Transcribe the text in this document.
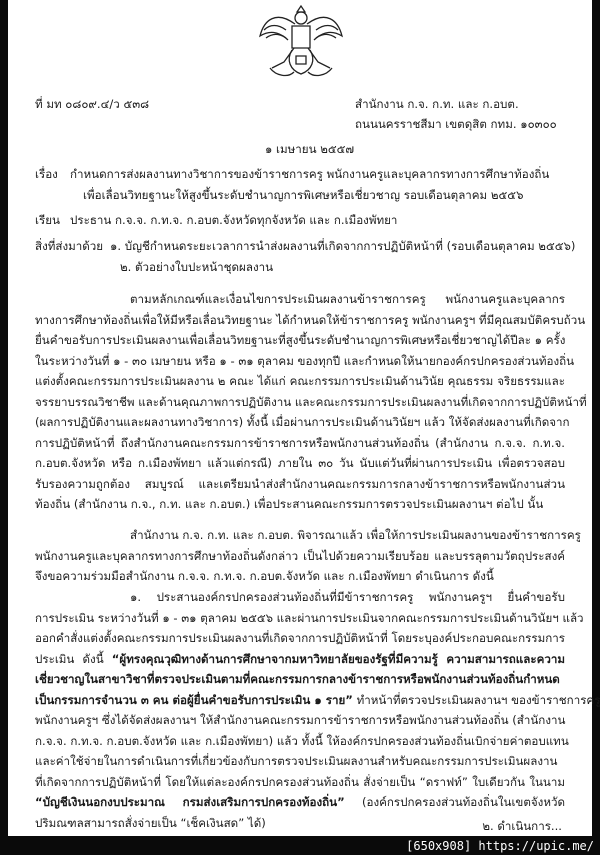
ที่ มท ๐๘๐๙.๔/ว ๕๓๘	สำนักงาน ก.จ. ก.ท. และ ก.อบต.
ถนนนครราชสีมา เขตดุสิต กทม. ๑๐๓๐๐
๑ เมษายน ๒๕๕๗
เรื่อง กำหนดการส่งผลงานทางวิชาการของข้าราชการครู พนักงานครูและบุคลากรทางการศึกษาท้องถิ่น
เพื่อเลื่อนวิทยฐานะให้สูงขึ้นระดับชำนาญการพิเศษหรือเชี่ยวชาญ รอบเดือนตุลาคม ๒๕๕๖
เรียน ประธาน ก.จ.จ. ก.ท.จ. ก.อบต.จังหวัดทุกจังหวัด และ ก.เมืองพัทยา
สิ่งที่ส่งมาด้วย ๑. บัญชีกำหนดระยะเวลาการนำส่งผลงานที่เกิดจากการปฏิบัติหน้าที่ (รอบเดือนตุลาคม ๒๕๕๖)
๒. ตัวอย่างใบปะหน้าชุดผลงาน
ตามหลักเกณฑ์และเงื่อนไขการประเมินผลงานข้าราชการครู พนักงานครูและบุคลากร
ทางการศึกษาท้องถิ่นเพื่อให้มีหรือเลื่อนวิทยฐานะ ได้กำหนดให้ข้าราชการครู พนักงานครูฯ ที่มีคุณสมบัติครบถ้วน
ยื่นคำขอรับการประเมินผลงานเพื่อเลื่อนวิทยฐานะที่สูงขึ้นระดับชำนาญการพิเศษหรือเชี่ยวชาญได้ปีละ ๑ ครั้ง
ในระหว่างวันที่ ๑ - ๓๐ เมษายน หรือ ๑ - ๓๑ ตุลาคม ของทุกปี และกำหนดให้นายกองค์กรปกครองส่วนท้องถิ่น
แต่งตั้งคณะกรรมการประเมินผลงาน ๒ คณะ ได้แก่ คณะกรรมการประเมินด้านวินัย คุณธรรม จริยธรรมและ
จรรยาบรรณวิชาชีพ และด้านคุณภาพการปฏิบัติงาน และคณะกรรมการประเมินผลงานที่เกิดจากการปฏิบัติหน้าที่
(ผลการปฏิบัติงานและผลงานทางวิชาการ) ทั้งนี้ เมื่อผ่านการประเมินด้านวินัยฯ แล้ว ให้จัดส่งผลงานที่เกิดจาก
การปฏิบัติหน้าที่ ถึงสำนักงานคณะกรรมการข้าราชการหรือพนักงานส่วนท้องถิ่น (สำนักงาน ก.จ.จ. ก.ท.จ.
ก.อบต.จังหวัด หรือ ก.เมืองพัทยา แล้วแต่กรณี) ภายใน ๓๐ วัน นับแต่วันที่ผ่านการประเมิน เพื่อตรวจสอบ
รับรองความถูกต้อง สมบูรณ์ และเตรียมนำส่งสำนักงานคณะกรรมการกลางข้าราชการหรือพนักงานส่วน
ท้องถิ่น (สำนักงาน ก.จ., ก.ท. และ ก.อบต.) เพื่อประสานคณะกรรมการตรวจประเมินผลงานฯ ต่อไป นั้น
สำนักงาน ก.จ. ก.ท. และ ก.อบต. พิจารณาแล้ว เพื่อให้การประเมินผลงานของข้าราชการครู
พนักงานครูและบุคลากรทางการศึกษาท้องถิ่นดังกล่าว เป็นไปด้วยความเรียบร้อย และบรรลุตามวัตถุประสงค์
จึงขอความร่วมมือสำนักงาน ก.จ.จ. ก.ท.จ. ก.อบต.จังหวัด และ ก.เมืองพัทยา ดำเนินการ ดังนี้
๑. ประสานองค์กรปกครองส่วนท้องถิ่นที่มีข้าราชการครู พนักงานครูฯ ยื่นคำขอรับ
การประเมิน ระหว่างวันที่ ๑ - ๓๑ ตุลาคม ๒๕๕๖ และผ่านการประเมินจากคณะกรรมการประเมินด้านวินัยฯ แล้ว
ออกคำสั่งแต่งตั้งคณะกรรมการประเมินผลงานที่เกิดจากการปฏิบัติหน้าที่ โดยระบุองค์ประกอบคณะกรรมการ
ประเมิน ดังนี้ “ผู้ทรงคุณวุฒิทางด้านการศึกษาจากมหาวิทยาลัยของรัฐที่มีความรู้ ความสามารถและความ
เชี่ยวชาญในสาขาวิชาที่ตรวจประเมินตามที่คณะกรรมการกลางข้าราชการหรือพนักงานส่วนท้องถิ่นกำหนด
เป็นกรรมการจำนวน ๓ คน ต่อผู้ยื่นคำขอรับการประเมิน ๑ ราย” ทำหน้าที่ตรวจประเมินผลงานฯ ของข้าราชการครู
พนักงานครูฯ ซึ่งได้จัดส่งผลงานฯ ให้สำนักงานคณะกรรมการข้าราชการหรือพนักงานส่วนท้องถิ่น (สำนักงาน
ก.จ.จ. ก.ท.จ. ก.อบต.จังหวัด และ ก.เมืองพัทยา) แล้ว ทั้งนี้ ให้องค์กรปกครองส่วนท้องถิ่นเบิกจ่ายค่าตอบแทน
และค่าใช้จ่ายในการดำเนินการที่เกี่ยวข้องกับการตรวจประเมินผลงานสำหรับคณะกรรมการประเมินผลงาน
ที่เกิดจากการปฏิบัติหน้าที่ โดยให้แต่ละองค์กรปกครองส่วนท้องถิ่น สั่งจ่ายเป็น “ดราฟท์” ใบเดียวกัน ในนาม
“บัญชีเงินนอกงบประมาณ กรมส่งเสริมการปกครองท้องถิ่น” (องค์กรปกครองส่วนท้องถิ่นในเขตจังหวัด
ปริมณฑลสามารถสั่งจ่ายเป็น “เช็คเงินสด” ได้)	๒. ดำเนินการ...
[650x908] https://upic.me/
